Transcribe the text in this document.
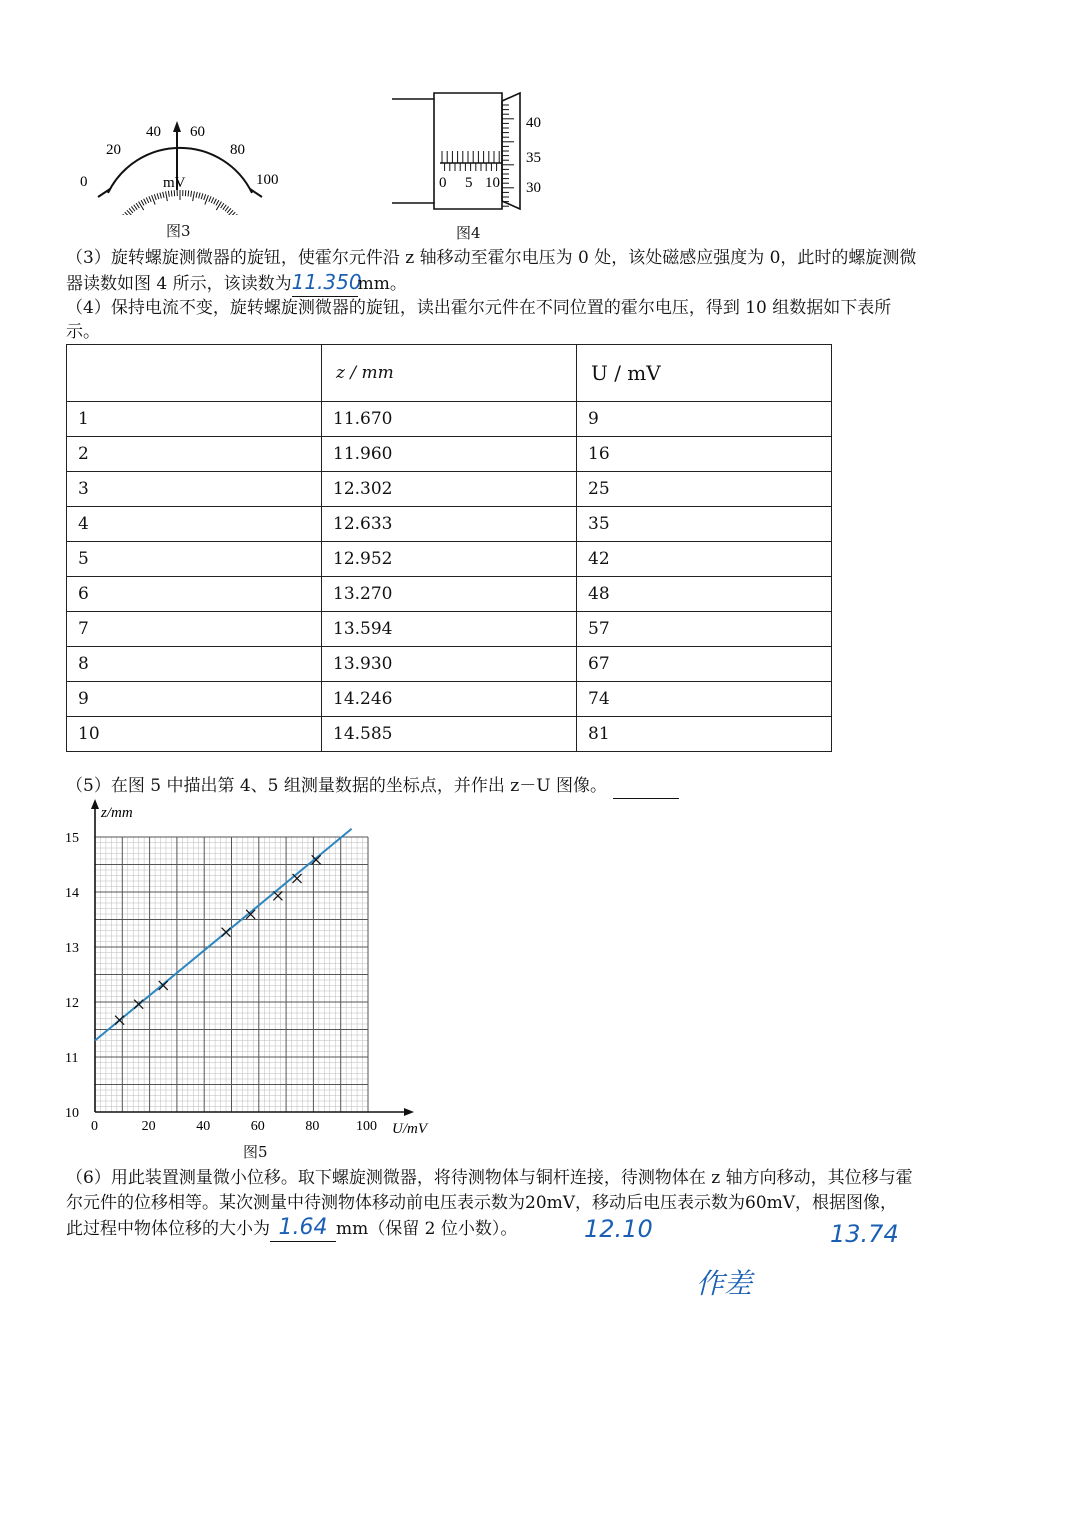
0
20
40 60
80
100
mV
图3
0 5 10
40
35
30
图4
（3）旋转螺旋测微器的旋钮，使霍尔元件沿 z 轴移动至霍尔电压为 0 处，该处磁感应强度为 0，此时的螺旋测微
器读数如图 4 所示，该读数为11.350mm。
（4）保持电流不变，旋转螺旋测微器的旋钮，读出霍尔元件在不同位置的霍尔电压，得到 10 组数据如下表所
示。
	z / mm	U / mV
1	11.670	9
2	11.960	16
3	12.302	25
4	12.633	35
5	12.952	42
6	13.270	48
7	13.594	57
8	13.930	67
9	14.246	74
10	14.585	81
（5）在图 5 中描出第 4、5 组测量数据的坐标点，并作出 z－U 图像。
z/mm
U/mV
10
11
12
13
14
15
0	20	40	60	80	100
图5
（6）用此装置测量微小位移。取下螺旋测微器，将待测物体与铜杆连接，待测物体在 z 轴方向移动，其位移与霍
尔元件的位移相等。某次测量中待测物体移动前电压表示数为20mV，移动后电压表示数为60mV，根据图像，
此过程中物体位移的大小为 1.64 mm（保留 2 位小数）。	12.10	13.74
作差
